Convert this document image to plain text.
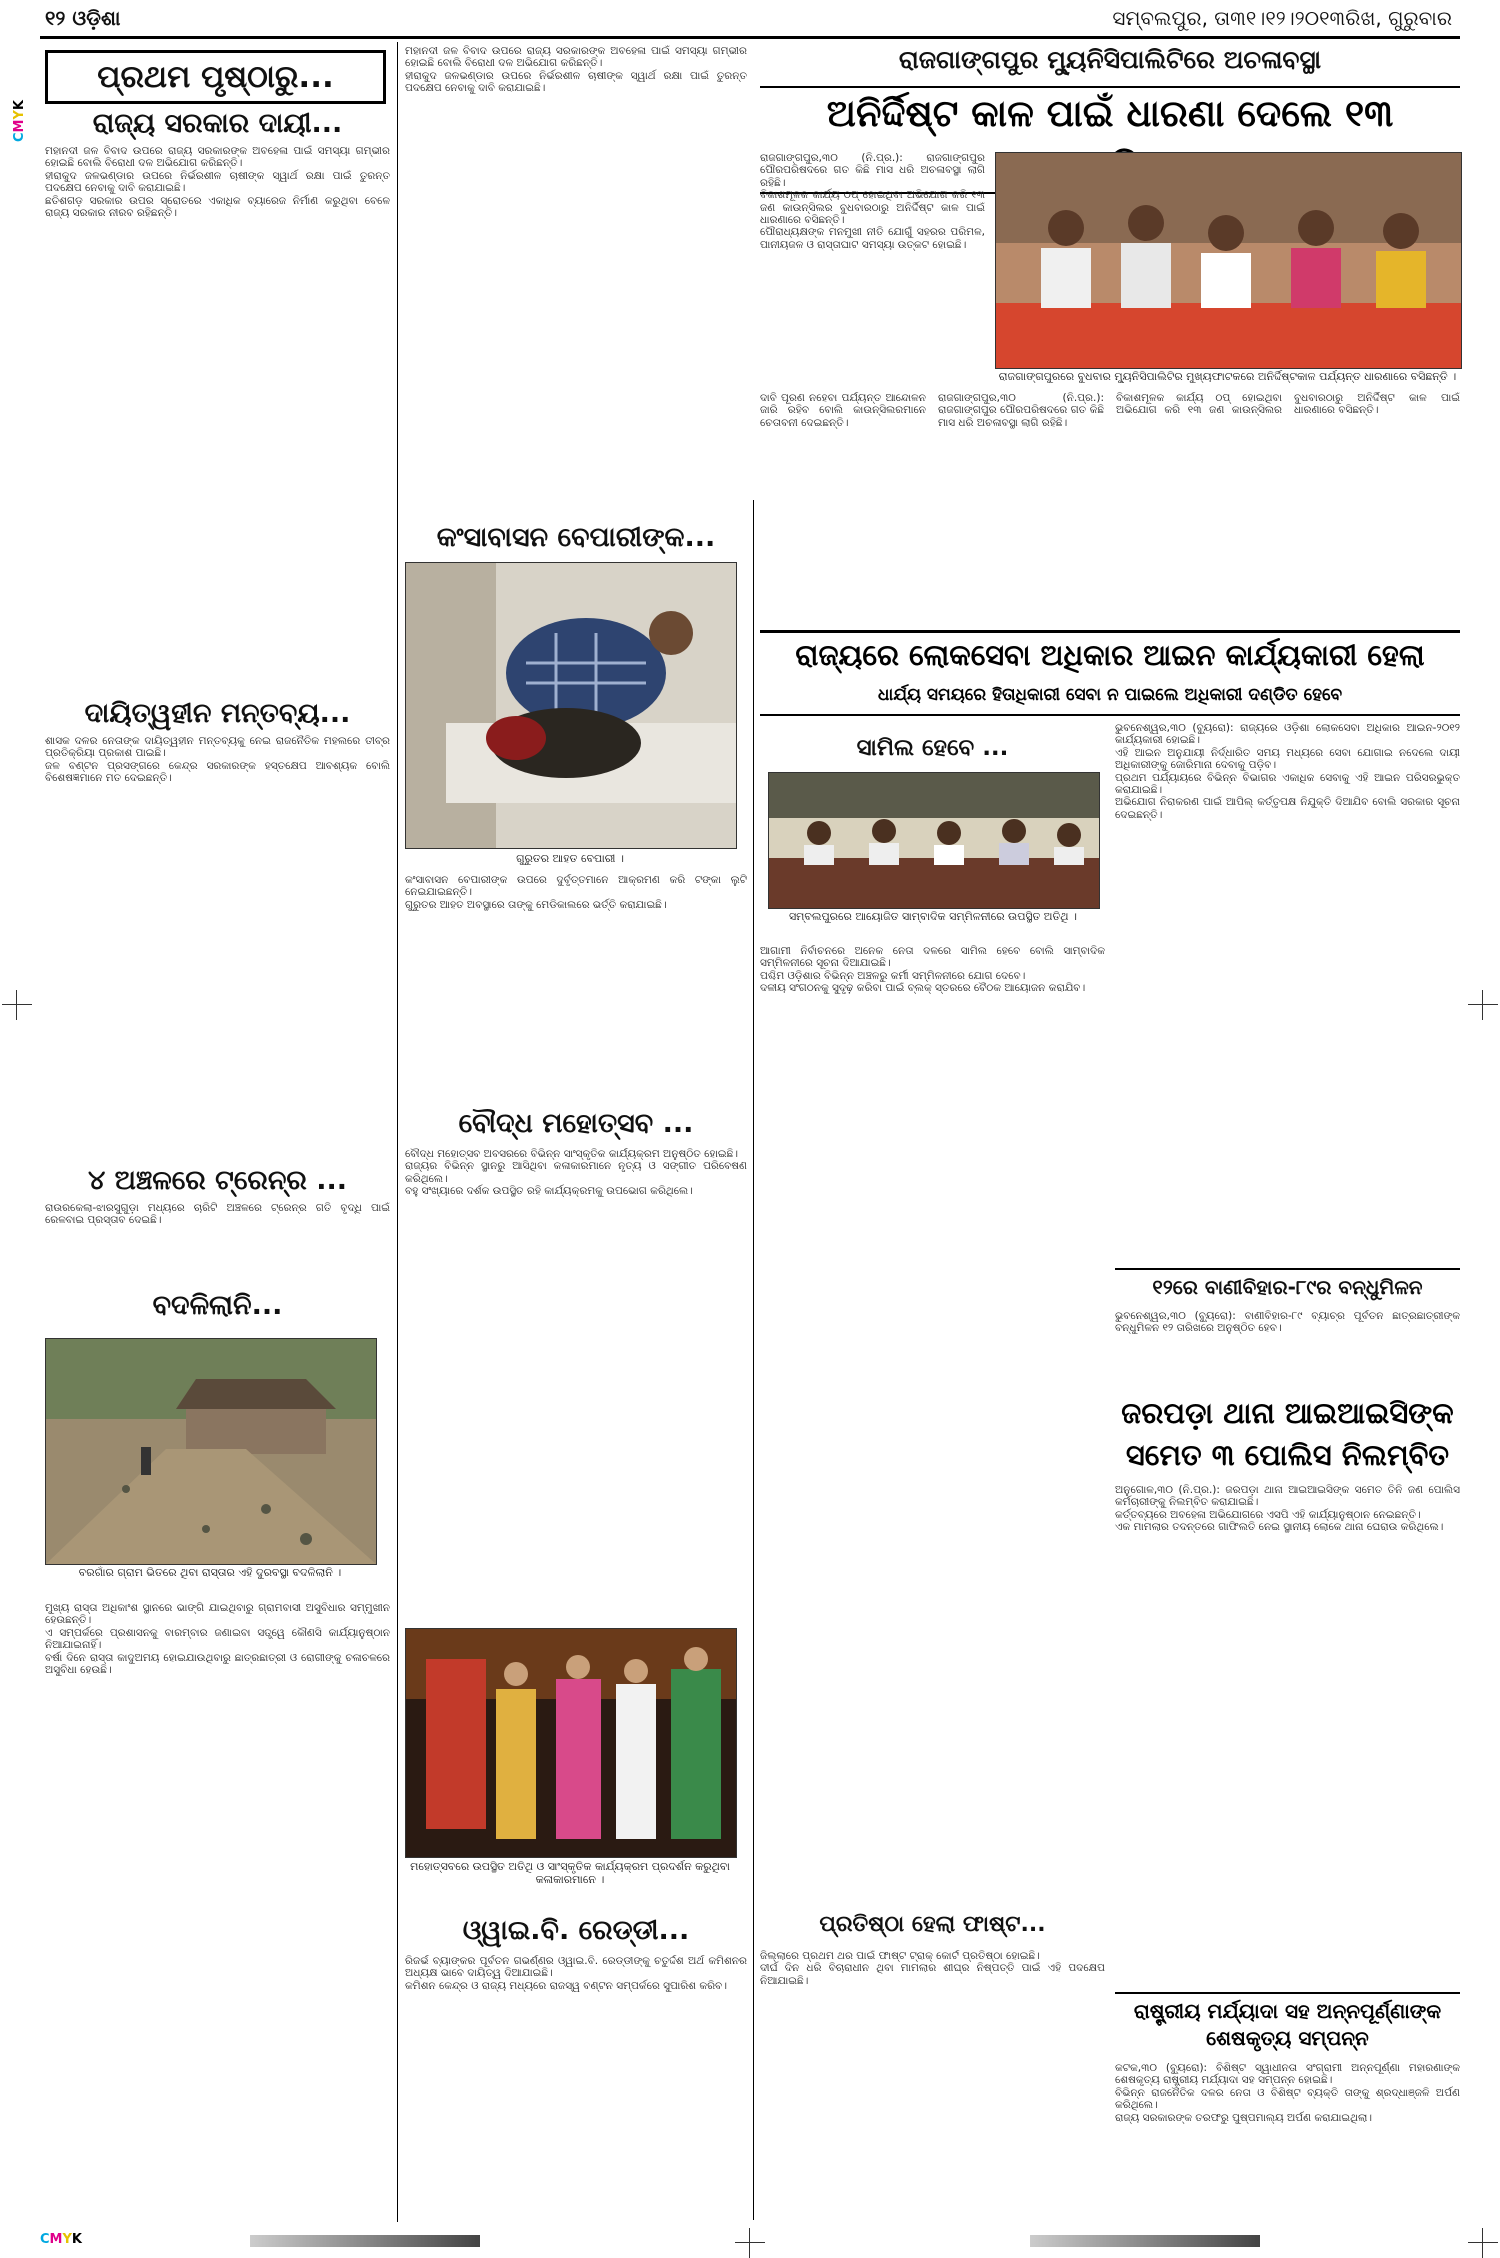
CMYK
CMYK
୧୨ ଓଡ଼ିଶା	ସମ୍ବଲପୁର, ତା୩୧।୧୨।୨୦୧୩ରିଖ, ଗୁରୁବାର
ପ୍ରଥମ ପୃଷ୍ଠାରୁ...
ରାଜ୍ୟ ସରକାର ଦାୟୀ...
ମହାନଦୀ ଜଳ ବିବାଦ ଉପରେ ରାଜ୍ୟ ସରକାରଙ୍କ ଅବହେଳା ପାଇଁ ସମସ୍ୟା ଗମ୍ଭୀର ହୋଇଛି ବୋଲି ବିରୋଧୀ ଦଳ ଅଭିଯୋଗ କରିଛନ୍ତି।
ହୀରାକୁଦ ଜଳଭଣ୍ଡାର ଉପରେ ନିର୍ଭରଶୀଳ ଚାଷୀଙ୍କ ସ୍ୱାର୍ଥ ରକ୍ଷା ପାଇଁ ତୁରନ୍ତ ପଦକ୍ଷେପ ନେବାକୁ ଦାବି କରାଯାଇଛି।
ଛତିଶଗଡ଼ ସରକାର ଉପର ସ୍ରୋତରେ ଏକାଧିକ ବ୍ୟାରେଜ ନିର୍ମାଣ କରୁଥିବା ବେଳେ ରାଜ୍ୟ ସରକାର ନୀରବ ରହିଛନ୍ତି।
ଦାୟିତ୍ୱହୀନ ମନ୍ତବ୍ୟ...
ଶାସକ ଦଳର ନେତାଙ୍କ ଦାୟିତ୍ୱହୀନ ମନ୍ତବ୍ୟକୁ ନେଇ ରାଜନୈତିକ ମହଲରେ ତୀବ୍ର ପ୍ରତିକ୍ରିୟା ପ୍ରକାଶ ପାଇଛି।
ଜଳ ବଣ୍ଟନ ପ୍ରସଙ୍ଗରେ କେନ୍ଦ୍ର ସରକାରଙ୍କ ହସ୍ତକ୍ଷେପ ଆବଶ୍ୟକ ବୋଲି ବିଶେଷଜ୍ଞମାନେ ମତ ଦେଇଛନ୍ତି।
୪ ଅଞ୍ଚଳରେ ଟ୍ରେନ୍‌ର ...
ରାଉରକେଲା-ଝାରସୁଗୁଡ଼ା ମଧ୍ୟରେ ଚାରିଟି ଅଞ୍ଚଳରେ ଟ୍ରେନ୍‌ର ଗତି ବୃଦ୍ଧି ପାଇଁ ରେଳବାଇ ପ୍ରସ୍ତାବ ଦେଇଛି।
ବଦଳିଲାନି...
ବରଗାଁର ଗ୍ରାମ ଭିତରେ ଥିବା ରାସ୍ତାର ଏହି ଦୁରବସ୍ଥା ବଦଳିଲାନି ।
ମୁଖ୍ୟ ରାସ୍ତା ଅଧିକାଂଶ ସ୍ଥାନରେ ଭାଙ୍ଗି ଯାଇଥିବାରୁ ଗ୍ରାମବାସୀ ଅସୁବିଧାର ସମ୍ମୁଖୀନ ହେଉଛନ୍ତି।
ଏ ସମ୍ପର୍କରେ ପ୍ରଶାସନକୁ ବାରମ୍ବାର ଜଣାଇବା ସତ୍ତ୍ୱେ କୌଣସି କାର୍ଯ୍ୟାନୁଷ୍ଠାନ ନିଆଯାଇନାହିଁ।
ବର୍ଷା ଦିନେ ରାସ୍ତା କାଦୁଅମୟ ହୋଇଯାଉଥିବାରୁ ଛାତ୍ରଛାତ୍ରୀ ଓ ରୋଗୀଙ୍କୁ ଚଳାଚଳରେ ଅସୁବିଧା ହେଉଛି।
ମହାନଦୀ ଜଳ ବିବାଦ ଉପରେ ରାଜ୍ୟ ସରକାରଙ୍କ ଅବହେଳା ପାଇଁ ସମସ୍ୟା ଗମ୍ଭୀର ହୋଇଛି ବୋଲି ବିରୋଧୀ ଦଳ ଅଭିଯୋଗ କରିଛନ୍ତି।
ହୀରାକୁଦ ଜଳଭଣ୍ଡାର ଉପରେ ନିର୍ଭରଶୀଳ ଚାଷୀଙ୍କ ସ୍ୱାର୍ଥ ରକ୍ଷା ପାଇଁ ତୁରନ୍ତ ପଦକ୍ଷେପ ନେବାକୁ ଦାବି କରାଯାଇଛି।
କଂସାବାସନ ବେପାରୀଙ୍କ...
ଗୁରୁତର ଆହତ ବେପାରୀ ।
କଂସାବାସନ ବେପାରୀଙ୍କ ଉପରେ ଦୁର୍ବୃତ୍ତମାନେ ଆକ୍ରମଣ କରି ଟଙ୍କା ଲୁଟି ନେଇଯାଇଛନ୍ତି।
ଗୁରୁତର ଆହତ ଅବସ୍ଥାରେ ତାଙ୍କୁ ମେଡିକାଲରେ ଭର୍ତ୍ତି କରାଯାଇଛି।
ବୌଦ୍ଧ ମହୋତ୍ସବ ...
ବୌଦ୍ଧ ମହୋତ୍ସବ ଅବସରରେ ବିଭିନ୍ନ ସାଂସ୍କୃତିକ କାର୍ଯ୍ୟକ୍ରମ ଅନୁଷ୍ଠିତ ହୋଇଛି।
ରାଜ୍ୟର ବିଭିନ୍ନ ସ୍ଥାନରୁ ଆସିଥିବା କଳାକାରମାନେ ନୃତ୍ୟ ଓ ସଙ୍ଗୀତ ପରିବେଷଣ କରିଥିଲେ।
ବହୁ ସଂଖ୍ୟାରେ ଦର୍ଶକ ଉପସ୍ଥିତ ରହି କାର୍ଯ୍ୟକ୍ରମକୁ ଉପଭୋଗ କରିଥିଲେ।
ମହୋତ୍ସବରେ ଉପସ୍ଥିତ ଅତିଥି ଓ ସାଂସ୍କୃତିକ କାର୍ଯ୍ୟକ୍ରମ ପ୍ରଦର୍ଶନ କରୁଥିବା କଳାକାରମାନେ ।
ଓ୍ୱାଇ.ବି. ରେଡ୍ଡୀ...
ରିଜର୍ଭ ବ୍ୟାଙ୍କର ପୂର୍ବତନ ଗଭର୍ଣ୍ଣର ଓ୍ୱାଇ.ବି. ରେଡ୍ଡୀଙ୍କୁ ଚତୁର୍ଦ୍ଦଶ ଅର୍ଥ କମିଶନର ଅଧ୍ୟକ୍ଷ ଭାବେ ଦାୟିତ୍ୱ ଦିଆଯାଇଛି।
କମିଶନ କେନ୍ଦ୍ର ଓ ରାଜ୍ୟ ମଧ୍ୟରେ ରାଜସ୍ୱ ବଣ୍ଟନ ସମ୍ପର୍କରେ ସୁପାରିଶ କରିବ।
ରାଜଗାଙ୍ଗପୁର ମ୍ୟୁନିସିପାଲିଟିରେ ଅଚଳାବସ୍ଥା
ଅନିର୍ଦ୍ଦିଷ୍ଟ କାଳ ପାଇଁ ଧାରଣା ଦେଲେ ୧୩
ରାଜଗାଙ୍ଗପୁର,୩୦ (ନି.ପ୍ର.): ରାଜଗାଙ୍ଗପୁର ପୌରପରିଷଦରେ ଗତ କିଛି ମାସ ଧରି ଅଚଳାବସ୍ଥା ଲାଗି ରହିଛି।
ବିକାଶମୂଳକ କାର୍ଯ୍ୟ ଠପ୍ ହୋଇଥିବା ଅଭିଯୋଗ କରି ୧୩ ଜଣ କାଉନ୍‌ସିଲର ବୁଧବାରଠାରୁ ଅନିର୍ଦ୍ଦିଷ୍ଟ କାଳ ପାଇଁ ଧାରଣାରେ ବସିଛନ୍ତି।
ପୌରାଧ୍ୟକ୍ଷଙ୍କ ମନମୁଖୀ ନୀତି ଯୋଗୁଁ ସହରର ପରିମଳ, ପାନୀୟଜଳ ଓ ରାସ୍ତାଘାଟ ସମସ୍ୟା ଉତ୍କଟ ହୋଇଛି।
ରାଜଗାଙ୍ଗପୁରରେ ବୁଧବାର ମ୍ୟୁନିସିପାଲିଟିର ମୁଖ୍ୟଫାଟକରେ ଅନିର୍ଦ୍ଦିଷ୍ଟକାଳ ପର୍ଯ୍ୟନ୍ତ ଧାରଣାରେ ବସିଛନ୍ତି ।
ଦାବି ପୂରଣ ନହେବା ପର୍ଯ୍ୟନ୍ତ ଆନ୍ଦୋଳନ ଜାରି ରହିବ ବୋଲି କାଉନ୍‌ସିଲରମାନେ ଚେତାବନୀ ଦେଇଛନ୍ତି।
ରାଜଗାଙ୍ଗପୁର,୩୦ (ନି.ପ୍ର.): ରାଜଗାଙ୍ଗପୁର ପୌରପରିଷଦରେ ଗତ କିଛି ମାସ ଧରି ଅଚଳାବସ୍ଥା ଲାଗି ରହିଛି।
ବିକାଶମୂଳକ କାର୍ଯ୍ୟ ଠପ୍ ହୋଇଥିବା ଅଭିଯୋଗ କରି ୧୩ ଜଣ କାଉନ୍‌ସିଲର ବୁଧବାରଠାରୁ ଅନିର୍ଦ୍ଦିଷ୍ଟ କାଳ ପାଇଁ ଧାରଣାରେ ବସିଛନ୍ତି।
ରାଜ୍ୟରେ ଲୋକସେବା ଅଧିକାର ଆଇନ କାର୍ଯ୍ୟକାରୀ ହେଲା
ଧାର୍ଯ୍ୟ ସମୟରେ ହିତାଧିକାରୀ ସେବା ନ ପାଇଲେ ଅଧିକାରୀ ଦଣ୍ଡିତ ହେବେ
ସାମିଲ ହେବେ ...
ସମ୍ବଲପୁରରେ ଆୟୋଜିତ ସାମ୍ବାଦିକ ସମ୍ମିଳନୀରେ ଉପସ୍ଥିତ ଅତିଥି ।
ଆଗାମୀ ନିର୍ବାଚନରେ ଅନେକ ନେତା ଦଳରେ ସାମିଲ ହେବେ ବୋଲି ସାମ୍ବାଦିକ ସମ୍ମିଳନୀରେ ସୂଚନା ଦିଆଯାଇଛି।
ପଶ୍ଚିମ ଓଡ଼ିଶାର ବିଭିନ୍ନ ଅଞ୍ଚଳରୁ କର୍ମୀ ସମ୍ମିଳନୀରେ ଯୋଗ ଦେବେ।
ଦଳୀୟ ସଂଗଠନକୁ ସୁଦୃଢ଼ କରିବା ପାଇଁ ବ୍ଲକ୍ ସ୍ତରରେ ବୈଠକ ଆୟୋଜନ କରାଯିବ।
ଭୁବନେଶ୍ୱର,୩୦ (ବ୍ୟୁରୋ): ରାଜ୍ୟରେ ଓଡ଼ିଶା ଲୋକସେବା ଅଧିକାର ଆଇନ-୨୦୧୨ କାର୍ଯ୍ୟକାରୀ ହୋଇଛି।
ଏହି ଆଇନ ଅନୁଯାୟୀ ନିର୍ଦ୍ଧାରିତ ସମୟ ମଧ୍ୟରେ ସେବା ଯୋଗାଇ ନଦେଲେ ଦାୟୀ ଅଧିକାରୀଙ୍କୁ ଜୋରିମାନା ଦେବାକୁ ପଡ଼ିବ।
ପ୍ରଥମ ପର୍ଯ୍ୟାୟରେ ବିଭିନ୍ନ ବିଭାଗର ଏକାଧିକ ସେବାକୁ ଏହି ଆଇନ ପରିସରଭୁକ୍ତ କରାଯାଇଛି।
ଅଭିଯୋଗ ନିରାକରଣ ପାଇଁ ଆପିଲ୍ କର୍ତ୍ତୃପକ୍ଷ ନିଯୁକ୍ତି ଦିଆଯିବ ବୋଲି ସରକାର ସୂଚନା ଦେଇଛନ୍ତି।
୧୨ରେ ବାଣୀବିହାର-୮୯ର ବନ୍ଧୁମିଳନ
ଭୁବନେଶ୍ୱର,୩୦ (ବ୍ୟୁରୋ): ବାଣୀବିହାର-୮୯ ବ୍ୟାଚ୍‌ର ପୂର୍ବତନ ଛାତ୍ରଛାତ୍ରୀଙ୍କ ବନ୍ଧୁମିଳନ ୧୨ ତାରିଖରେ ଅନୁଷ୍ଠିତ ହେବ।
ଜରପଡ଼ା ଥାନା ଆଇଆଇସିଙ୍କ ସମେତ ୩ ପୋଲିସ ନିଲମ୍ବିତ
ଅନୁଗୋଳ,୩୦ (ନି.ପ୍ର.): ଜରପଡ଼ା ଥାନା ଆଇଆଇସିଙ୍କ ସମେତ ତିନି ଜଣ ପୋଲିସ କର୍ମଚାରୀଙ୍କୁ ନିଲମ୍ବିତ କରାଯାଇଛି।
କର୍ତ୍ତବ୍ୟରେ ଅବହେଳା ଅଭିଯୋଗରେ ଏସପି ଏହି କାର୍ଯ୍ୟାନୁଷ୍ଠାନ ନେଇଛନ୍ତି।
ଏକ ମାମଲାର ତଦନ୍ତରେ ଗାଫିଲତି ନେଇ ସ୍ଥାନୀୟ ଲୋକେ ଥାନା ଘେରାଉ କରିଥିଲେ।
ପ୍ରତିଷ୍ଠା ହେଲା ଫାଷ୍ଟ...
ଜିଲ୍ଲାରେ ପ୍ରଥମ ଥର ପାଇଁ ଫାଷ୍ଟ ଟ୍ରାକ୍ କୋର୍ଟ ପ୍ରତିଷ୍ଠା ହୋଇଛି।
ଦୀର୍ଘ ଦିନ ଧରି ବିଚାରାଧୀନ ଥିବା ମାମଲାର ଶୀଘ୍ର ନିଷ୍ପତ୍ତି ପାଇଁ ଏହି ପଦକ୍ଷେପ ନିଆଯାଇଛି।
ରାଷ୍ଟ୍ରୀୟ ମର୍ଯ୍ୟାଦା ସହ ଅନ୍ନପୂର୍ଣ୍ଣାଙ୍କ ଶେଷକୃତ୍ୟ ସମ୍ପନ୍ନ
କଟକ,୩୦ (ବ୍ୟୁରୋ): ବିଶିଷ୍ଟ ସ୍ୱାଧୀନତା ସଂଗ୍ରାମୀ ଅନ୍ନପୂର୍ଣ୍ଣା ମହାରଣାଙ୍କ ଶେଷକୃତ୍ୟ ରାଷ୍ଟ୍ରୀୟ ମର୍ଯ୍ୟାଦା ସହ ସମ୍ପନ୍ନ ହୋଇଛି।
ବିଭିନ୍ନ ରାଜନୈତିକ ଦଳର ନେତା ଓ ବିଶିଷ୍ଟ ବ୍ୟକ୍ତି ତାଙ୍କୁ ଶ୍ରଦ୍ଧାଞ୍ଜଳି ଅର୍ପଣ କରିଥିଲେ।
ରାଜ୍ୟ ସରକାରଙ୍କ ତରଫରୁ ପୁଷ୍ପମାଲ୍ୟ ଅର୍ପଣ କରାଯାଇଥିଲା।
